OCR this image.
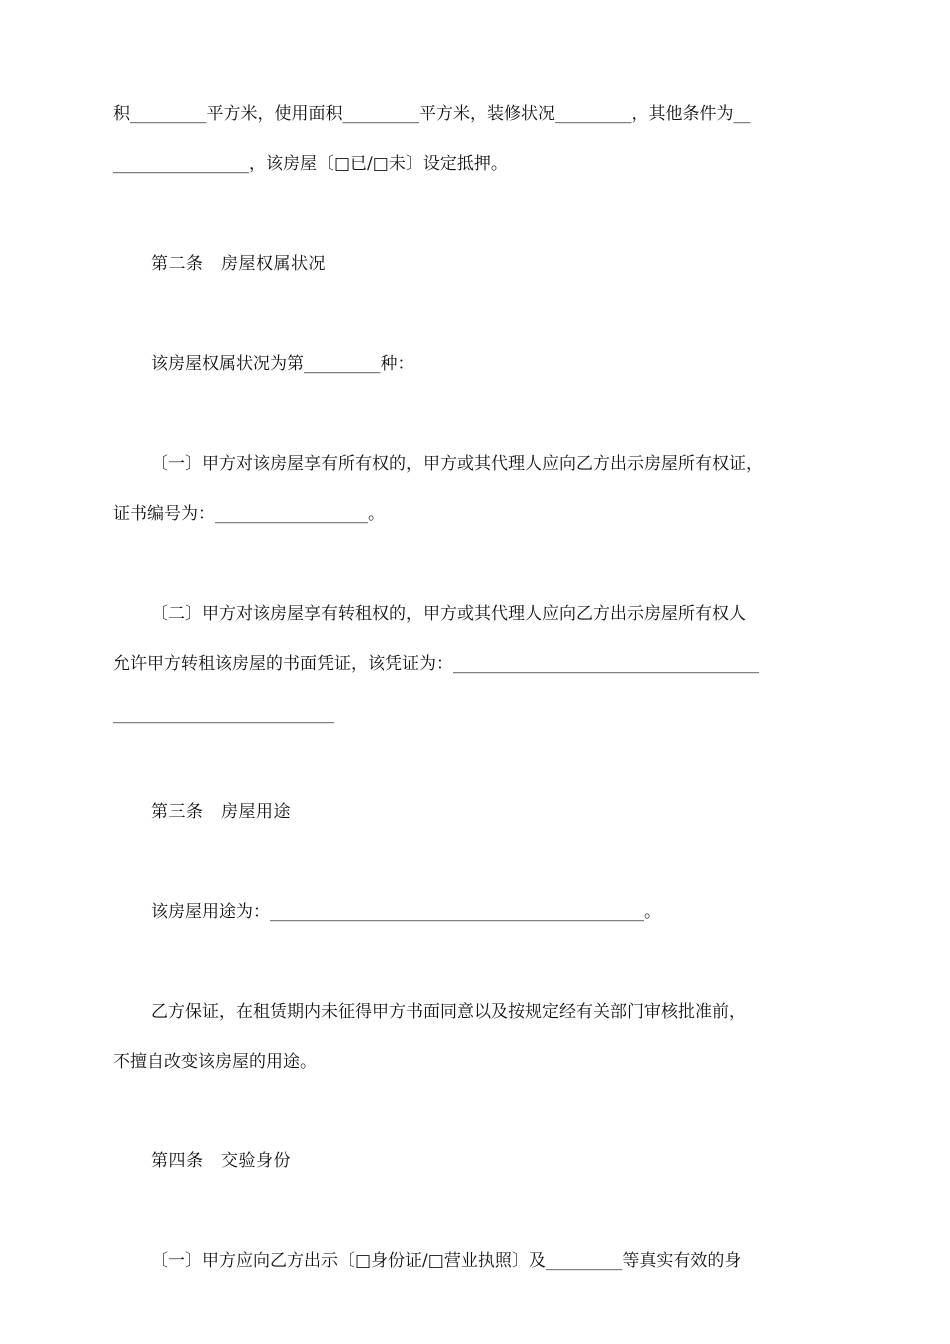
积_________平方米，使用面积_________平方米，装修状况_________，其他条件为__
________________，该房屋〔□已/□未〕设定抵押。
第二条　房屋权属状况
该房屋权属状况为第_________种：
〔一〕甲方对该房屋享有所有权的，甲方或其代理人应向乙方出示房屋所有权证，
证书编号为：__________________。
〔二〕甲方对该房屋享有转租权的，甲方或其代理人应向乙方出示房屋所有权人
允许甲方转租该房屋的书面凭证，该凭证为：____________________________________
__________________________
第三条　房屋用途
该房屋用途为：____________________________________________。
乙方保证，在租赁期内未征得甲方书面同意以及按规定经有关部门审核批准前，
不擅自改变该房屋的用途。
第四条　交验身份
〔一〕甲方应向乙方出示〔□身份证/□营业执照〕及_________等真实有效的身
